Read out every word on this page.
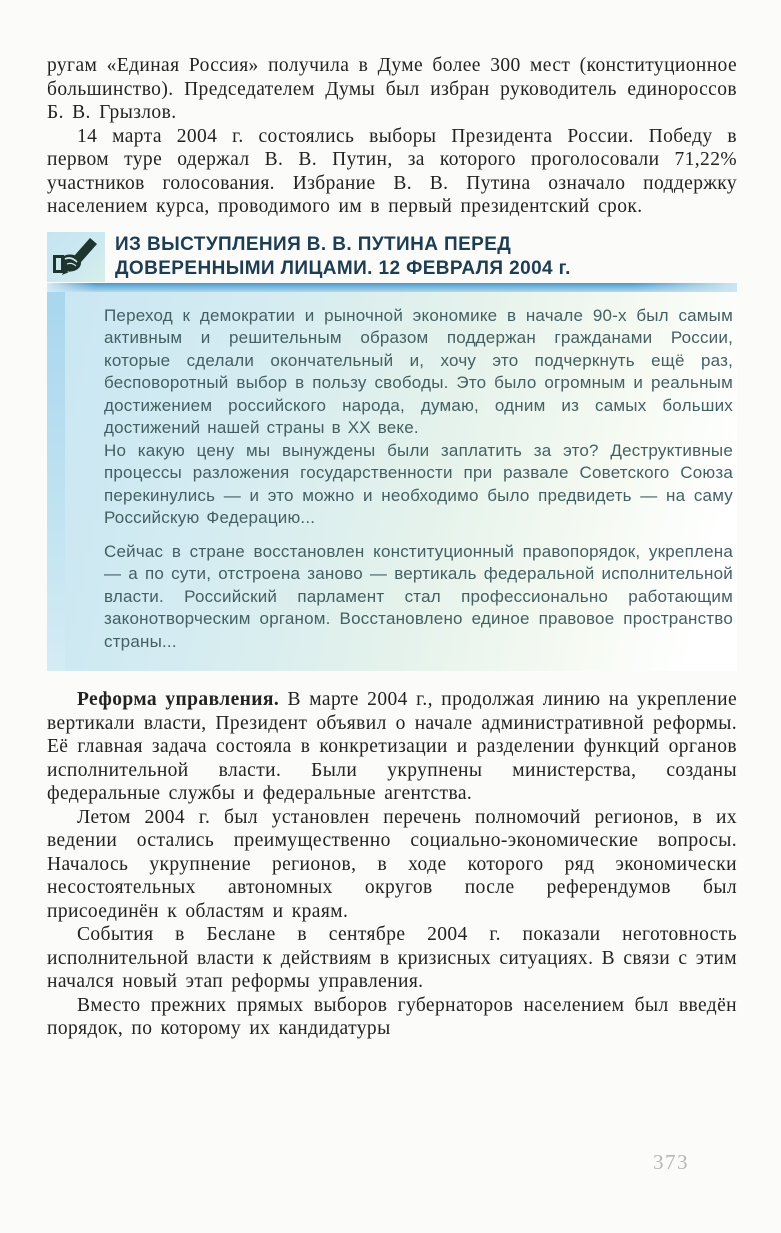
ругам «Единая Россия» получила в Думе более 300 мест (конституционное большинство). Председателем Думы был избран руководитель единороссов Б. В. Грызлов.

14 марта 2004 г. состоялись выборы Президента России. Победу в первом туре одержал В. В. Путин, за которого проголосовали 71,22% участников голосования. Избрание В. В. Путина означало поддержку населением курса, проводимого им в первый президентский срок.

ИЗ ВЫСТУПЛЕНИЯ В. В. ПУТИНА ПЕРЕД
ДОВЕРЕННЫМИ ЛИЦАМИ. 12 ФЕВРАЛЯ 2004 г.

Переход к демократии и рыночной экономике в начале 90-х был самым активным и решительным образом поддержан гражданами России, которые сделали окончательный и, хочу это подчеркнуть ещё раз, бесповоротный выбор в пользу свободы. Это было огромным и реальным достижением российского народа, думаю, одним из самых больших достижений нашей страны в XX веке.

Но какую цену мы вынуждены были заплатить за это? Деструктивные процессы разложения государственности при развале Советского Союза перекинулись — и это можно и необходимо было предвидеть — на саму Российскую Федерацию...

Сейчас в стране восстановлен конституционный правопорядок, укреплена — а по сути, отстроена заново — вертикаль федеральной исполнительной власти. Российский парламент стал профессионально работающим законотворческим органом. Восстановлено единое правовое пространство страны...

Реформа управления. В марте 2004 г., продолжая линию на укрепление вертикали власти, Президент объявил о начале административной реформы. Её главная задача состояла в конкретизации и разделении функций органов исполнительной власти. Были укрупнены министерства, созданы федеральные службы и федеральные агентства.

Летом 2004 г. был установлен перечень полномочий регионов, в их ведении остались преимущественно социально-экономические вопросы. Началось укрупнение регионов, в ходе которого ряд экономически несостоятельных автономных округов после референдумов был присоединён к областям и краям.

События в Беслане в сентябре 2004 г. показали неготовность исполнительной власти к действиям в кризисных ситуациях. В связи с этим начался новый этап реформы управления.

Вместо прежних прямых выборов губернаторов населением был введён порядок, по которому их кандидатуры

373
